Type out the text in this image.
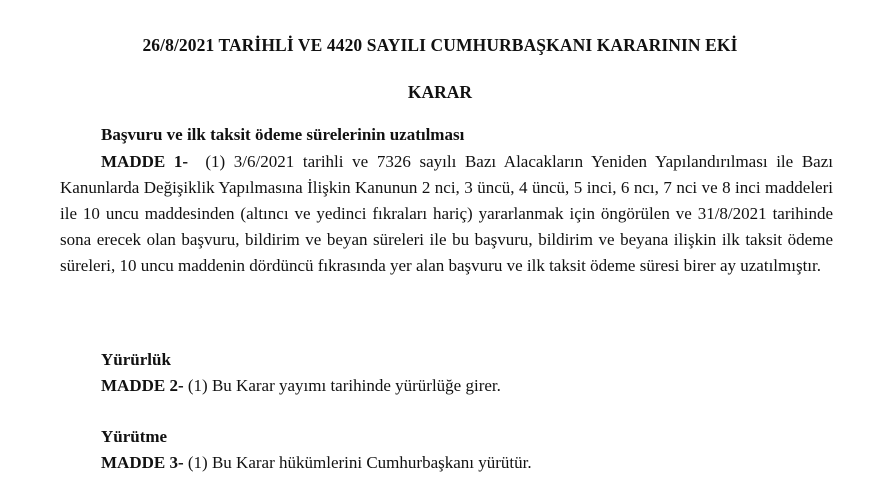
26/8/2021 TARİHLİ VE 4420 SAYILI CUMHURBAŞKANI KARARININ EKİ
KARAR
Başvuru ve ilk taksit ödeme sürelerinin uzatılması
MADDE 1- (1) 3/6/2021 tarihli ve 7326 sayılı Bazı Alacakların Yeniden Yapılandırılması ile Bazı Kanunlarda Değişiklik Yapılmasına İlişkin Kanunun 2 nci, 3 üncü, 4 üncü, 5 inci, 6 ncı, 7 nci ve 8 inci maddeleri ile 10 uncu maddesinden (altıncı ve yedinci fıkraları hariç) yararlanmak için öngörülen ve 31/8/2021 tarihinde sona erecek olan başvuru, bildirim ve beyan süreleri ile bu başvuru, bildirim ve beyana ilişkin ilk taksit ödeme süreleri, 10 uncu maddenin dördüncü fıkrasında yer alan başvuru ve ilk taksit ödeme süresi birer ay uzatılmıştır.
Yürürlük
MADDE 2- (1) Bu Karar yayımı tarihinde yürürlüğe girer.
Yürütme
MADDE 3- (1) Bu Karar hükümlerini Cumhurbaşkanı yürütür.
